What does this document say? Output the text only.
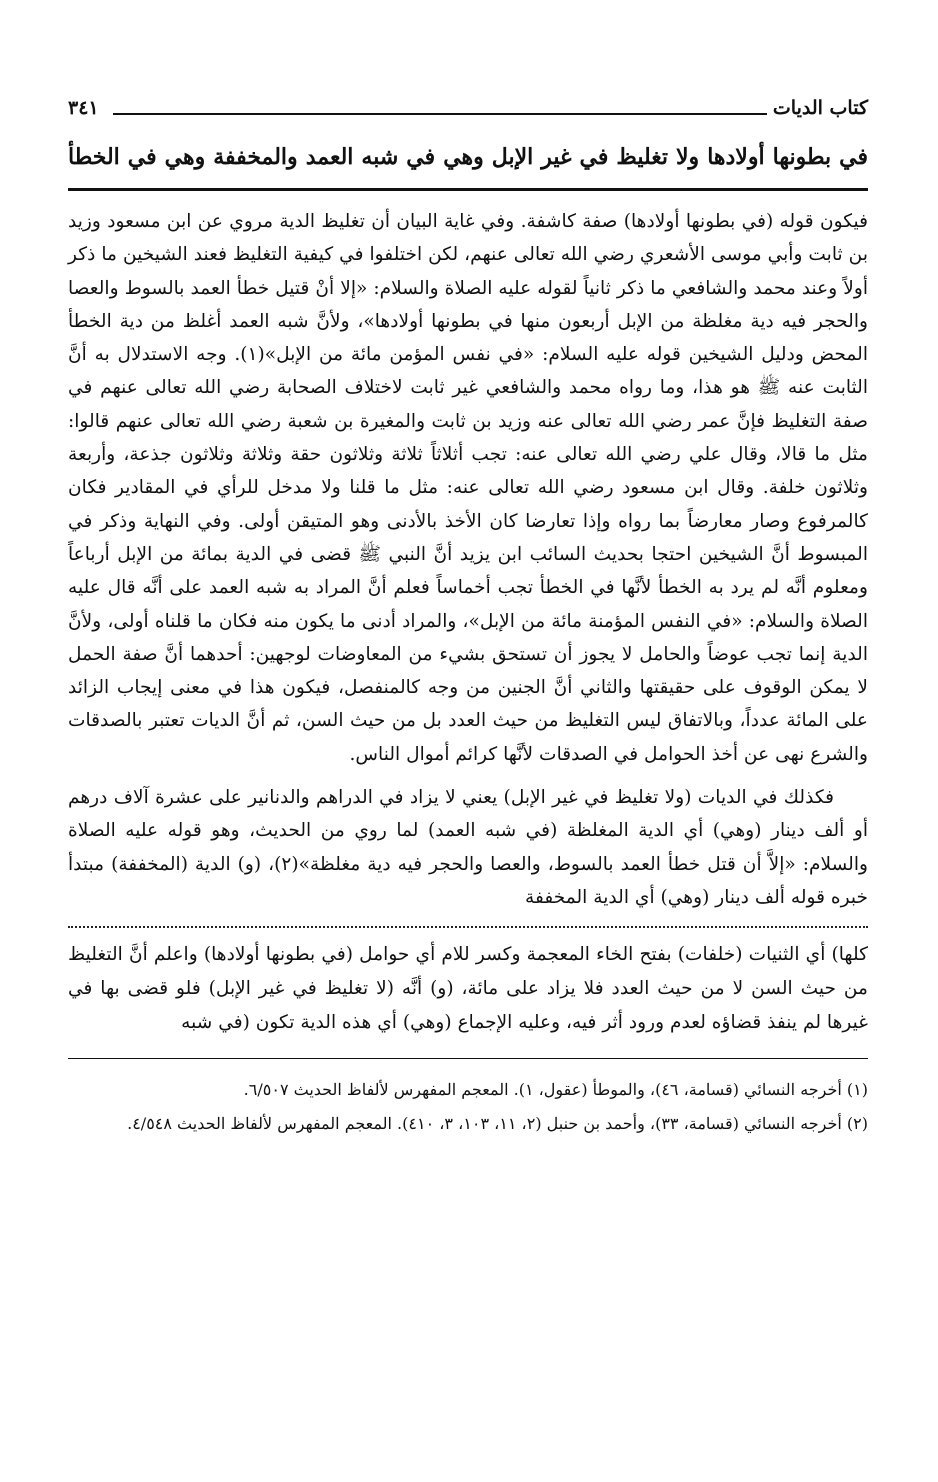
كتاب الديات
٣٤١
في بطونها أولادها ولا تغليظ في غير الإبل وهي في شبه العمد والمخففة وهي في الخطأ

فيكون قوله (في بطونها أولادها) صفة كاشفة. وفي غاية البيان أن تغليظ الدية مروي عن ابن مسعود وزيد بن ثابت وأبي موسى الأشعري رضي الله تعالى عنهم، لكن اختلفوا في كيفية التغليظ فعند الشيخين ما ذكر أولاً وعند محمد والشافعي ما ذكر ثانياً لقوله عليه الصلاة والسلام: «إلا أنْ قتيل خطأ العمد بالسوط والعصا والحجر فيه دية مغلظة من الإبل أربعون منها في بطونها أولادها»، ولأنَّ شبه العمد أغلظ من دية الخطأ المحض ودليل الشيخين قوله عليه السلام: «في نفس المؤمن مائة من الإبل»(١). وجه الاستدلال به أنَّ الثابت عنه ﷺ هو هذا، وما رواه محمد والشافعي غير ثابت لاختلاف الصحابة رضي الله تعالى عنهم في صفة التغليظ فإنَّ عمر رضي الله تعالى عنه وزيد بن ثابت والمغيرة بن شعبة رضي الله تعالى عنهم قالوا: مثل ما قالا، وقال علي رضي الله تعالى عنه: تجب أثلاثاً ثلاثة وثلاثون حقة وثلاثة وثلاثون جذعة، وأربعة وثلاثون خلفة. وقال ابن مسعود رضي الله تعالى عنه: مثل ما قلنا ولا مدخل للرأي في المقادير فكان كالمرفوع وصار معارضاً بما رواه وإذا تعارضا كان الأخذ بالأدنى وهو المتيقن أولى. وفي النهاية وذكر في المبسوط أنَّ الشيخين احتجا بحديث السائب ابن يزيد أنَّ النبي ﷺ قضى في الدية بمائة من الإبل أرباعاً ومعلوم أنَّه لم يرد به الخطأ لأنَّها في الخطأ تجب أخماساً فعلم أنَّ المراد به شبه العمد على أنَّه قال عليه الصلاة والسلام: «في النفس المؤمنة مائة من الإبل»، والمراد أدنى ما يكون منه فكان ما قلناه أولى، ولأنَّ الدية إنما تجب عوضاً والحامل لا يجوز أن تستحق بشيء من المعاوضات لوجهين: أحدهما أنَّ صفة الحمل لا يمكن الوقوف على حقيقتها والثاني أنَّ الجنين من وجه كالمنفصل، فيكون هذا في معنى إيجاب الزائد على المائة عدداً، وبالاتفاق ليس التغليظ من حيث العدد بل من حيث السن، ثم أنَّ الديات تعتبر بالصدقات والشرع نهى عن أخذ الحوامل في الصدقات لأنَّها كرائم أموال الناس.

فكذلك في الديات (ولا تغليظ في غير الإبل) يعني لا يزاد في الدراهم والدنانير على عشرة آلاف درهم أو ألف دينار (وهي) أي الدية المغلظة (في شبه العمد) لما روي من الحديث، وهو قوله عليه الصلاة والسلام: «إلاَّ أن قتل خطأ العمد بالسوط، والعصا والحجر فيه دية مغلظة»(٢)، (و) الدية (المخففة) مبتدأ خبره قوله ألف دينار (وهي) أي الدية المخففة

كلها) أي الثنيات (خلفات) بفتح الخاء المعجمة وكسر للام أي حوامل (في بطونها أولادها) واعلم أنَّ التغليظ من حيث السن لا من حيث العدد فلا يزاد على مائة، (و) أنَّه (لا تغليظ في غير الإبل) فلو قضى بها في غيرها لم ينفذ قضاؤه لعدم ورود أثر فيه، وعليه الإجماع (وهي) أي هذه الدية تكون (في شبه

(١) أخرجه النسائي (قسامة، ٤٦)، والموطأ (عقول، ١). المعجم المفهرس لألفاظ الحديث ٦/٥٠٧.

(٢) أخرجه النسائي (قسامة، ٣٣)، وأحمد بن حنبل (٢، ١١، ١٠٣، ٣، ٤١٠). المعجم المفهرس لألفاظ الحديث ٤/٥٤٨.
